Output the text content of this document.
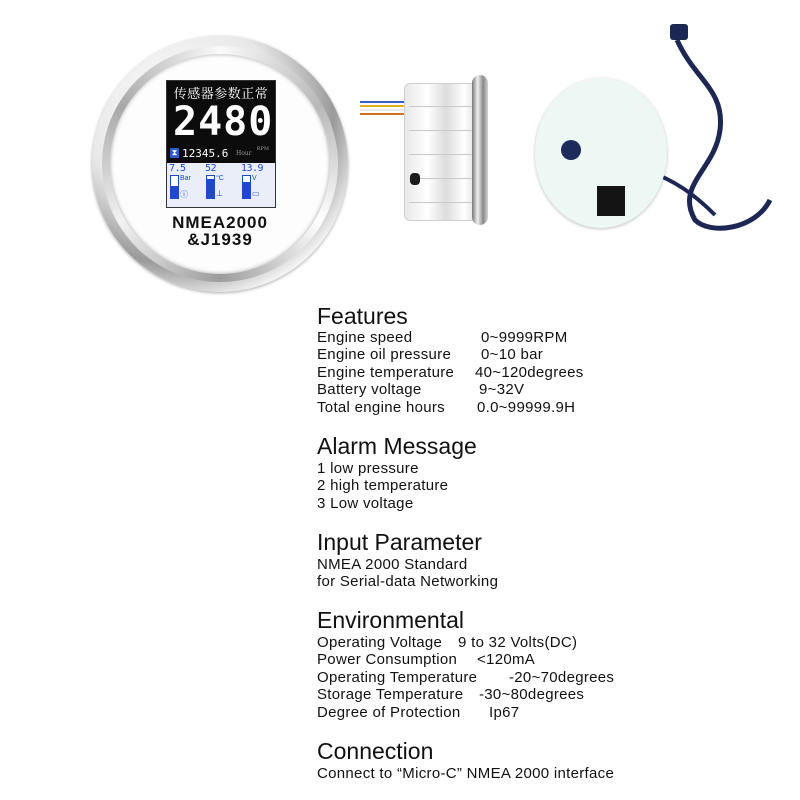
传感器参数正常
2480
⧗ 12345.6 Hour
RPM
7.5
Bar
ⓘ
52
°C
⊥
13.9
V
▭
NMEA2000
&J1939
Features
Engine speed	0~9999RPM
Engine oil pressure 0~10 bar
Engine temperature 40~120degrees
Battery voltage	9~32V
Total engine hours 0.0~99999.9H
Alarm Message
1 low pressure
2 high temperature
3 Low voltage
Input Parameter
NMEA 2000 Standard
for Serial-data Networking
Environmental
Operating Voltage 9 to 32 Volts(DC)
Power Consumption <120mA
Operating Temperature -20~70degrees
Storage Temperature -30~80degrees
Degree of Protection Ip67
Connection
Connect to “Micro-C” NMEA 2000 interface
